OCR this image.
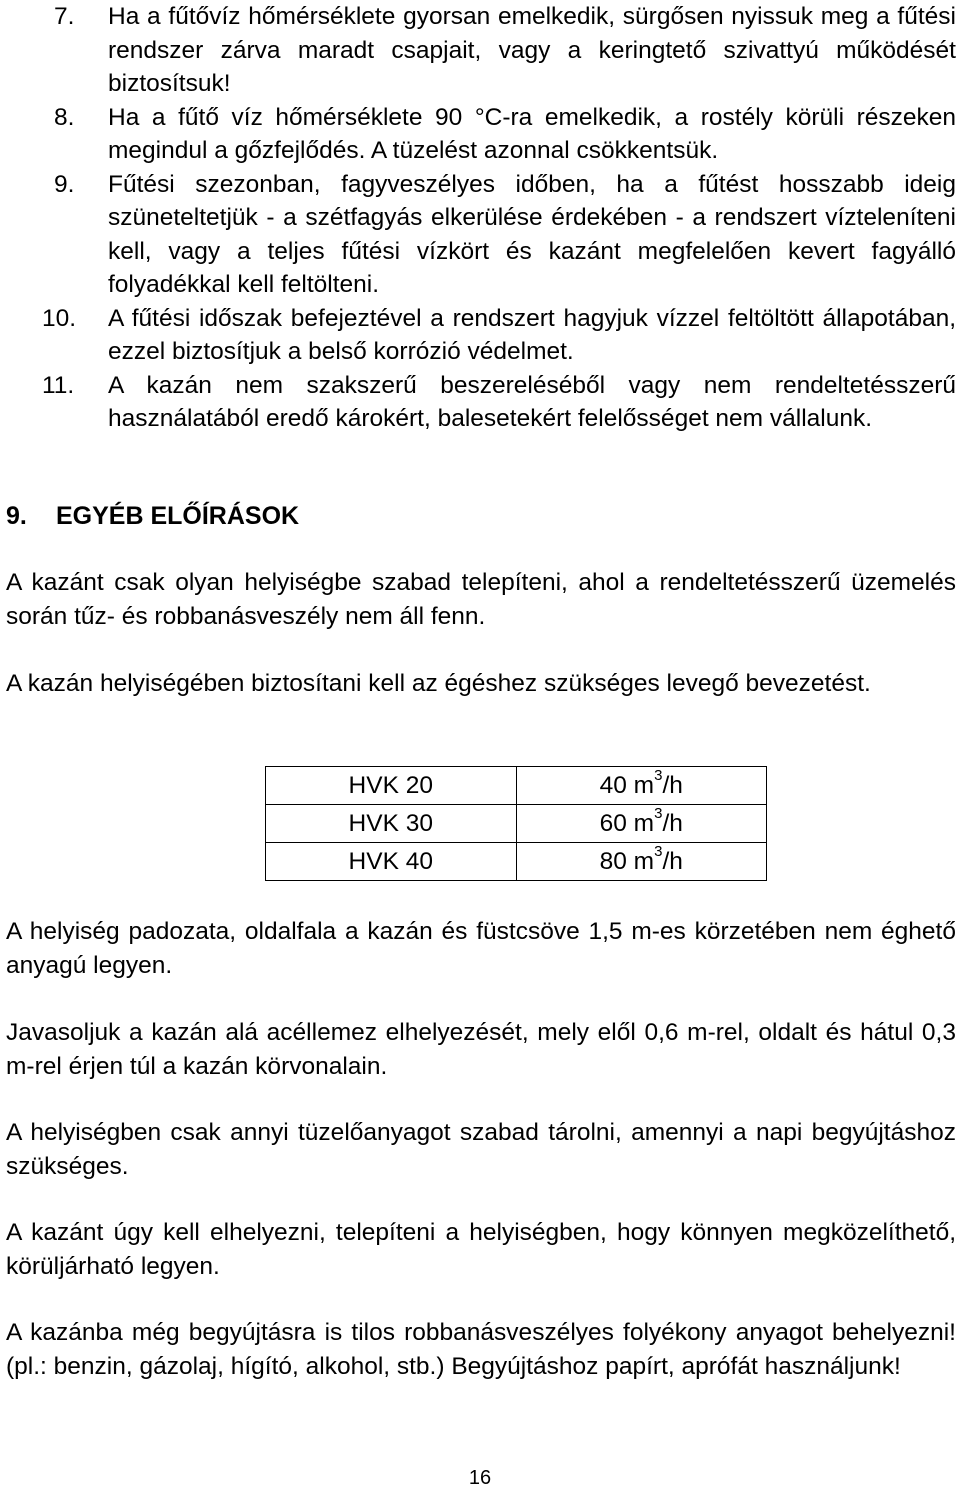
7. Ha a fűtővíz hőmérséklete gyorsan emelkedik, sürgősen nyissuk meg a fűtési rendszer zárva maradt csapjait, vagy a keringtető szivattyú működését biztosítsuk!
8. Ha a fűtő víz hőmérséklete 90 °C-ra emelkedik, a rostély körüli részeken megindul a gőzfejlődés. A tüzelést azonnal csökkentsük.
9. Fűtési szezonban, fagyveszélyes időben, ha a fűtést hosszabb ideig szüneteltetjük - a szétfagyás elkerülése érdekében - a rendszert vízteleníteni kell, vagy a teljes fűtési vízkört és kazánt megfelelően kevert fagyálló folyadékkal kell feltölteni.
10. A fűtési időszak befejeztével a rendszert hagyjuk vízzel feltöltött állapotában, ezzel biztosítjuk a belső korrózió védelmet.
11. A kazán nem szakszerű beszereléséből vagy nem rendeltetésszerű használatából eredő károkért, balesetekért felelősséget nem vállalunk.
9. EGYÉB ELŐÍRÁSOK

A kazánt csak olyan helyiségbe szabad telepíteni, ahol a rendeltetésszerű üzemelés során tűz- és robbanásveszély nem áll fenn.

A kazán helyiségében biztosítani kell az égéshez szükséges levegő bevezetést.

HVK 20	40 $m^3/h$
HVK 30	60 $m^3/h$
HVK 40	80 $m^3/h$

A helyiség padozata, oldalfala a kazán és füstcsöve 1,5 m-es körzetében nem éghető anyagú legyen.

Javasoljuk a kazán alá acéllemez elhelyezését, mely elől 0,6 m-rel, oldalt és hátul 0,3 m-rel érjen túl a kazán körvonalain.

A helyiségben csak annyi tüzelőanyagot szabad tárolni, amennyi a napi begyújtáshoz szükséges.

A kazánt úgy kell elhelyezni, telepíteni a helyiségben, hogy könnyen megközelíthető, körüljárható legyen.

A kazánba még begyújtásra is tilos robbanásveszélyes folyékony anyagot behelyezni! (pl.: benzin, gázolaj, hígító, alkohol, stb.) Begyújtáshoz papírt, aprófát használjunk!

16
